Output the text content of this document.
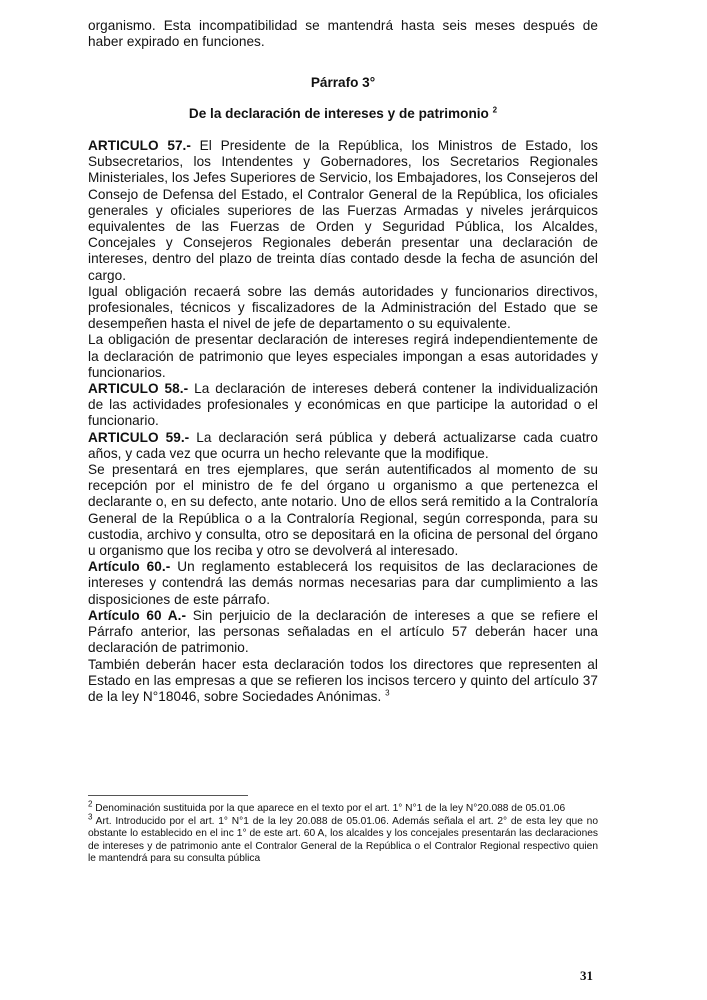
organismo. Esta incompatibilidad se mantendrá hasta seis meses después de haber expirado en funciones.

Párrafo 3°
De la declaración de intereses y de patrimonio $^2$

ARTICULO 57.- El Presidente de la República, los Ministros de Estado, los Subsecretarios, los Intendentes y Gobernadores, los Secretarios Regionales Ministeriales, los Jefes Superiores de Servicio, los Embajadores, los Consejeros del Consejo de Defensa del Estado, el Contralor General de la República, los oficiales generales y oficiales superiores de las Fuerzas Armadas y niveles jerárquicos equivalentes de las Fuerzas de Orden y Seguridad Pública, los Alcaldes, Concejales y Consejeros Regionales deberán presentar una declaración de intereses, dentro del plazo de treinta días contado desde la fecha de asunción del cargo.

Igual obligación recaerá sobre las demás autoridades y funcionarios directivos, profesionales, técnicos y fiscalizadores de la Administración del Estado que se desempeñen hasta el nivel de jefe de departamento o su equivalente.

La obligación de presentar declaración de intereses regirá independientemente de la declaración de patrimonio que leyes especiales impongan a esas autoridades y funcionarios.

ARTICULO 58.- La declaración de intereses deberá contener la individualización de las actividades profesionales y económicas en que participe la autoridad o el funcionario.

ARTICULO 59.- La declaración será pública y deberá actualizarse cada cuatro años, y cada vez que ocurra un hecho relevante que la modifique.

Se presentará en tres ejemplares, que serán autentificados al momento de su recepción por el ministro de fe del órgano u organismo a que pertenezca el declarante o, en su defecto, ante notario. Uno de ellos será remitido a la Contraloría General de la República o a la Contraloría Regional, según corresponda, para su custodia, archivo y consulta, otro se depositará en la oficina de personal del órgano u organismo que los reciba y otro se devolverá al interesado.

Artículo 60.- Un reglamento establecerá los requisitos de las declaraciones de intereses y contendrá las demás normas necesarias para dar cumplimiento a las disposiciones de este párrafo.

Artículo 60 A.- Sin perjuicio de la declaración de intereses a que se refiere el Párrafo anterior, las personas señaladas en el artículo 57 deberán hacer una declaración de patrimonio.

También deberán hacer esta declaración todos los directores que representen al Estado en las empresas a que se refieren los incisos tercero y quinto del artículo 37 de la ley N°18046, sobre Sociedades Anónimas. $^3$

$^2$ Denominación sustituida por la que aparece en el texto por el art. 1° N°1 de la ley N°20.088 de 05.01.06

$^3$ Art. Introducido por el art. 1° N°1 de la ley 20.088 de 05.01.06. Además señala el art. 2° de esta ley que no obstante lo establecido en el inc 1° de este art. 60 A, los alcaldes y los concejales presentarán las declaraciones de intereses y de patrimonio ante el Contralor General de la República o el Contralor Regional respectivo quien le mantendrá para su consulta pública

31
